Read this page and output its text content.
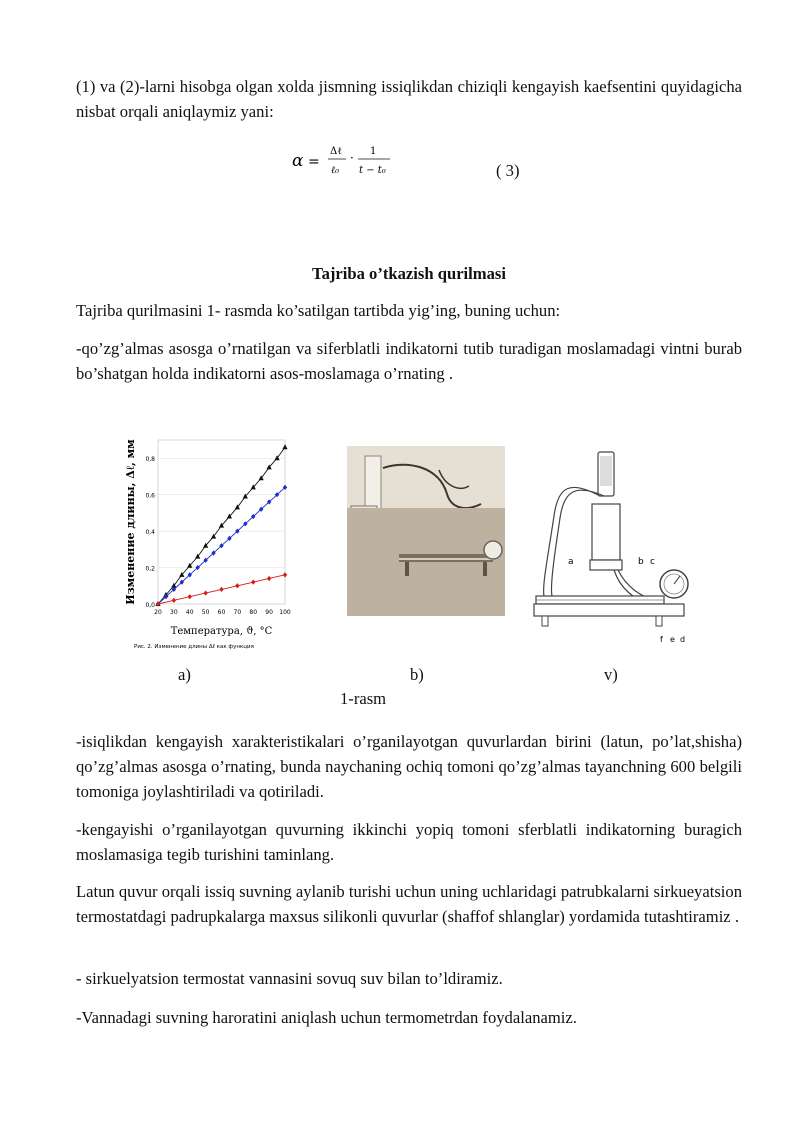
(1) va (2)-larni hisobga olgan xolda jismning issiqlikdan chiziqli kengayish kaefsentini quyidagicha nisbat orqali aniqlaymiz yani:

α =
Δℓ
ℓ₀
· 1
t − t₀	( 3)

Tajriba o’tkazish qurilmasi

Tajriba qurilmasini 1- rasmda ko’satilgan tartibda yig’ing, buning uchun:

-qo’zg’almas asosga o’rnatilgan va siferblatli indikatorni tutib turadigan moslamadagi vintni burab bo’shatgan holda indikatorni asos-moslamaga o’rnating .

0,0
0,2
0,4
0,6
0,8
20 30 40 50 60 70 80 90 100
Температура, ϑ, °C
Изменение длины, Δℓ, мм
Рис. 2. Изменение длины Δℓ как функция
a	b c
f e d
a)	b)	v)
1-rasm

-isiqlikdan kengayish xarakteristikalari o’rganilayotgan quvurlardan birini (latun, po’lat,shisha) qo’zg’almas asosga o’rnating, bunda naychaning ochiq tomoni qo’zg’almas tayanchning 600 belgili tomoniga joylashtiriladi va qotiriladi.

-kengayishi o’rganilayotgan quvurning ikkinchi yopiq tomoni sferblatli indikatorning buragich moslamasiga tegib turishini taminlang.

Latun quvur orqali issiq suvning aylanib turishi uchun uning uchlaridagi patrubkalarni sirkueyatsion termostatdagi padrupkalarga maxsus silikonli quvurlar (shaffof shlanglar) yordamida tutashtiramiz .

- sirkuelyatsion termostat vannasini sovuq suv bilan to’ldiramiz.

-Vannadagi suvning haroratini aniqlash uchun termometrdan foydalanamiz.
